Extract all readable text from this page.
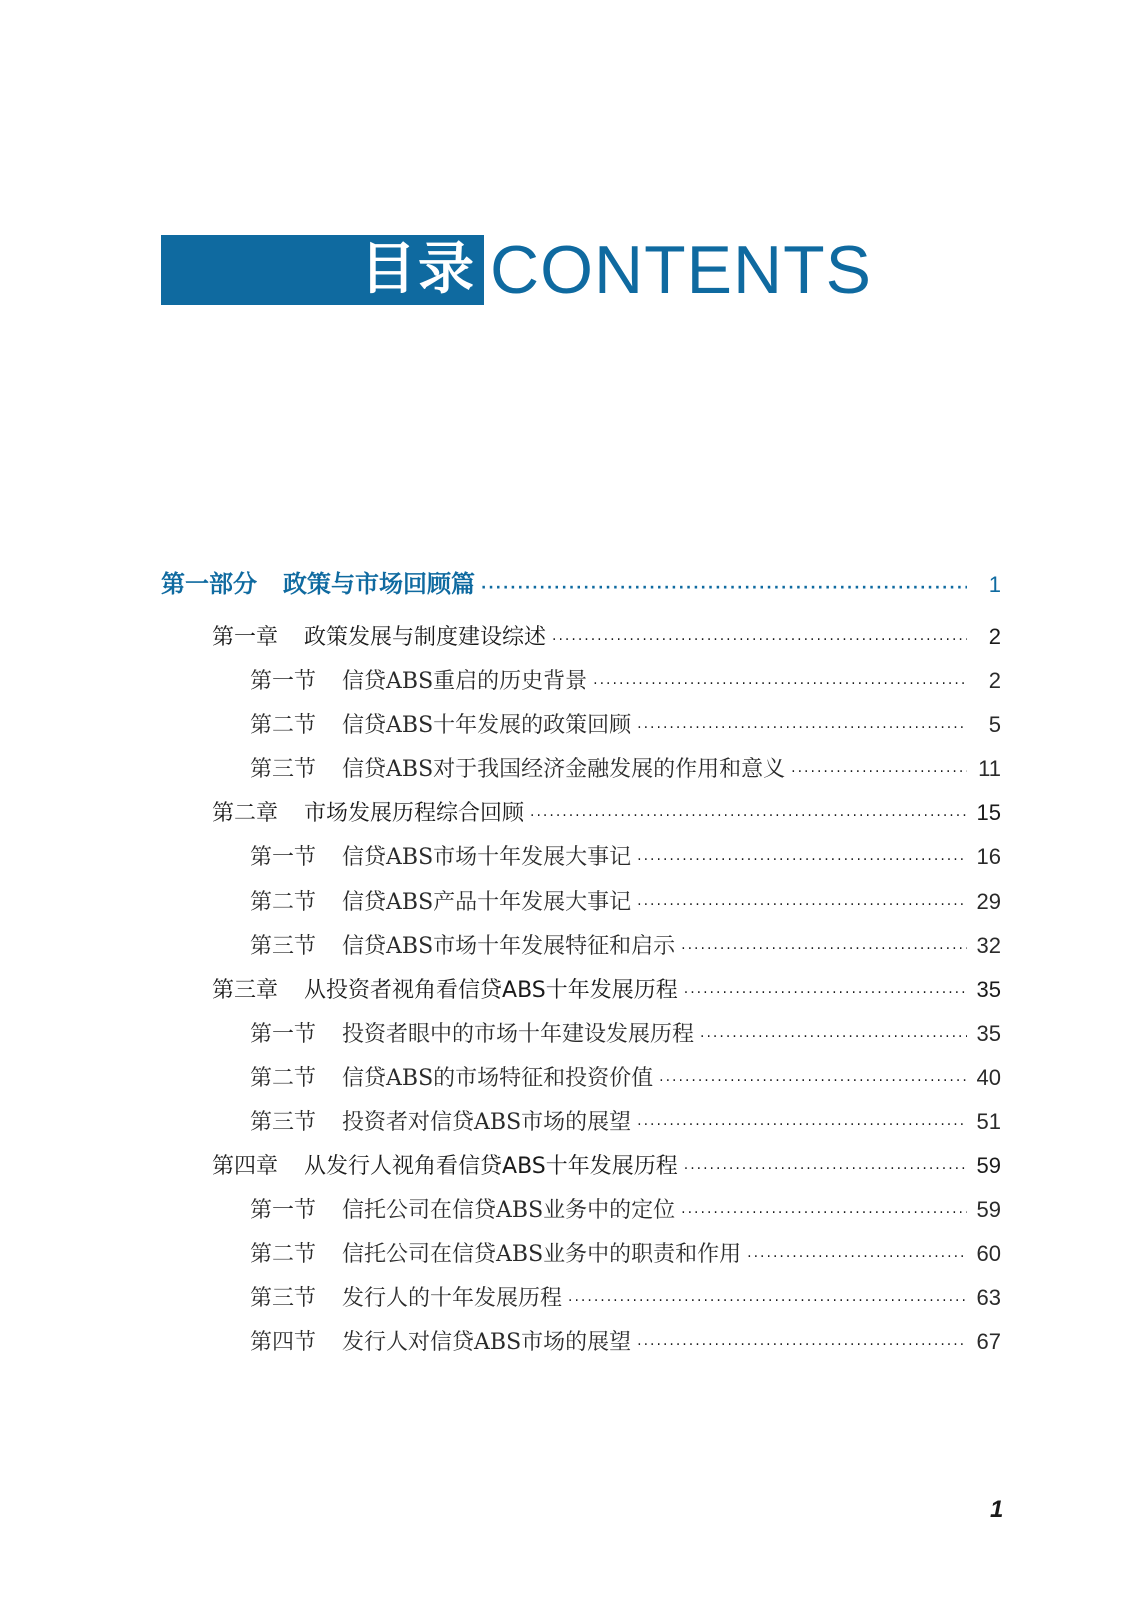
目录 CONTENTS
第一部分 政策与市场回顾篇 ·····	1
第一章 政策发展与制度建设综述 ·····	2
第一节 信贷ABS重启的历史背景 ·····	2
第二节 信贷ABS十年发展的政策回顾 ·····	5
第三节 信贷ABS对于我国经济金融发展的作用和意义 ·····	11
第二章 市场发展历程综合回顾 ·····	15
第一节 信贷ABS市场十年发展大事记 ·····	16
第二节 信贷ABS产品十年发展大事记 ·····	29
第三节 信贷ABS市场十年发展特征和启示 ·····	32
第三章 从投资者视角看信贷ABS十年发展历程 ·····	35
第一节 投资者眼中的市场十年建设发展历程 ·····	35
第二节 信贷ABS的市场特征和投资价值 ·····	40
第三节 投资者对信贷ABS市场的展望 ·····	51
第四章 从发行人视角看信贷ABS十年发展历程 ·····	59
第一节 信托公司在信贷ABS业务中的定位 ·····	59
第二节 信托公司在信贷ABS业务中的职责和作用 ·····	60
第三节 发行人的十年发展历程 ·····	63
第四节 发行人对信贷ABS市场的展望 ·····	67
1
